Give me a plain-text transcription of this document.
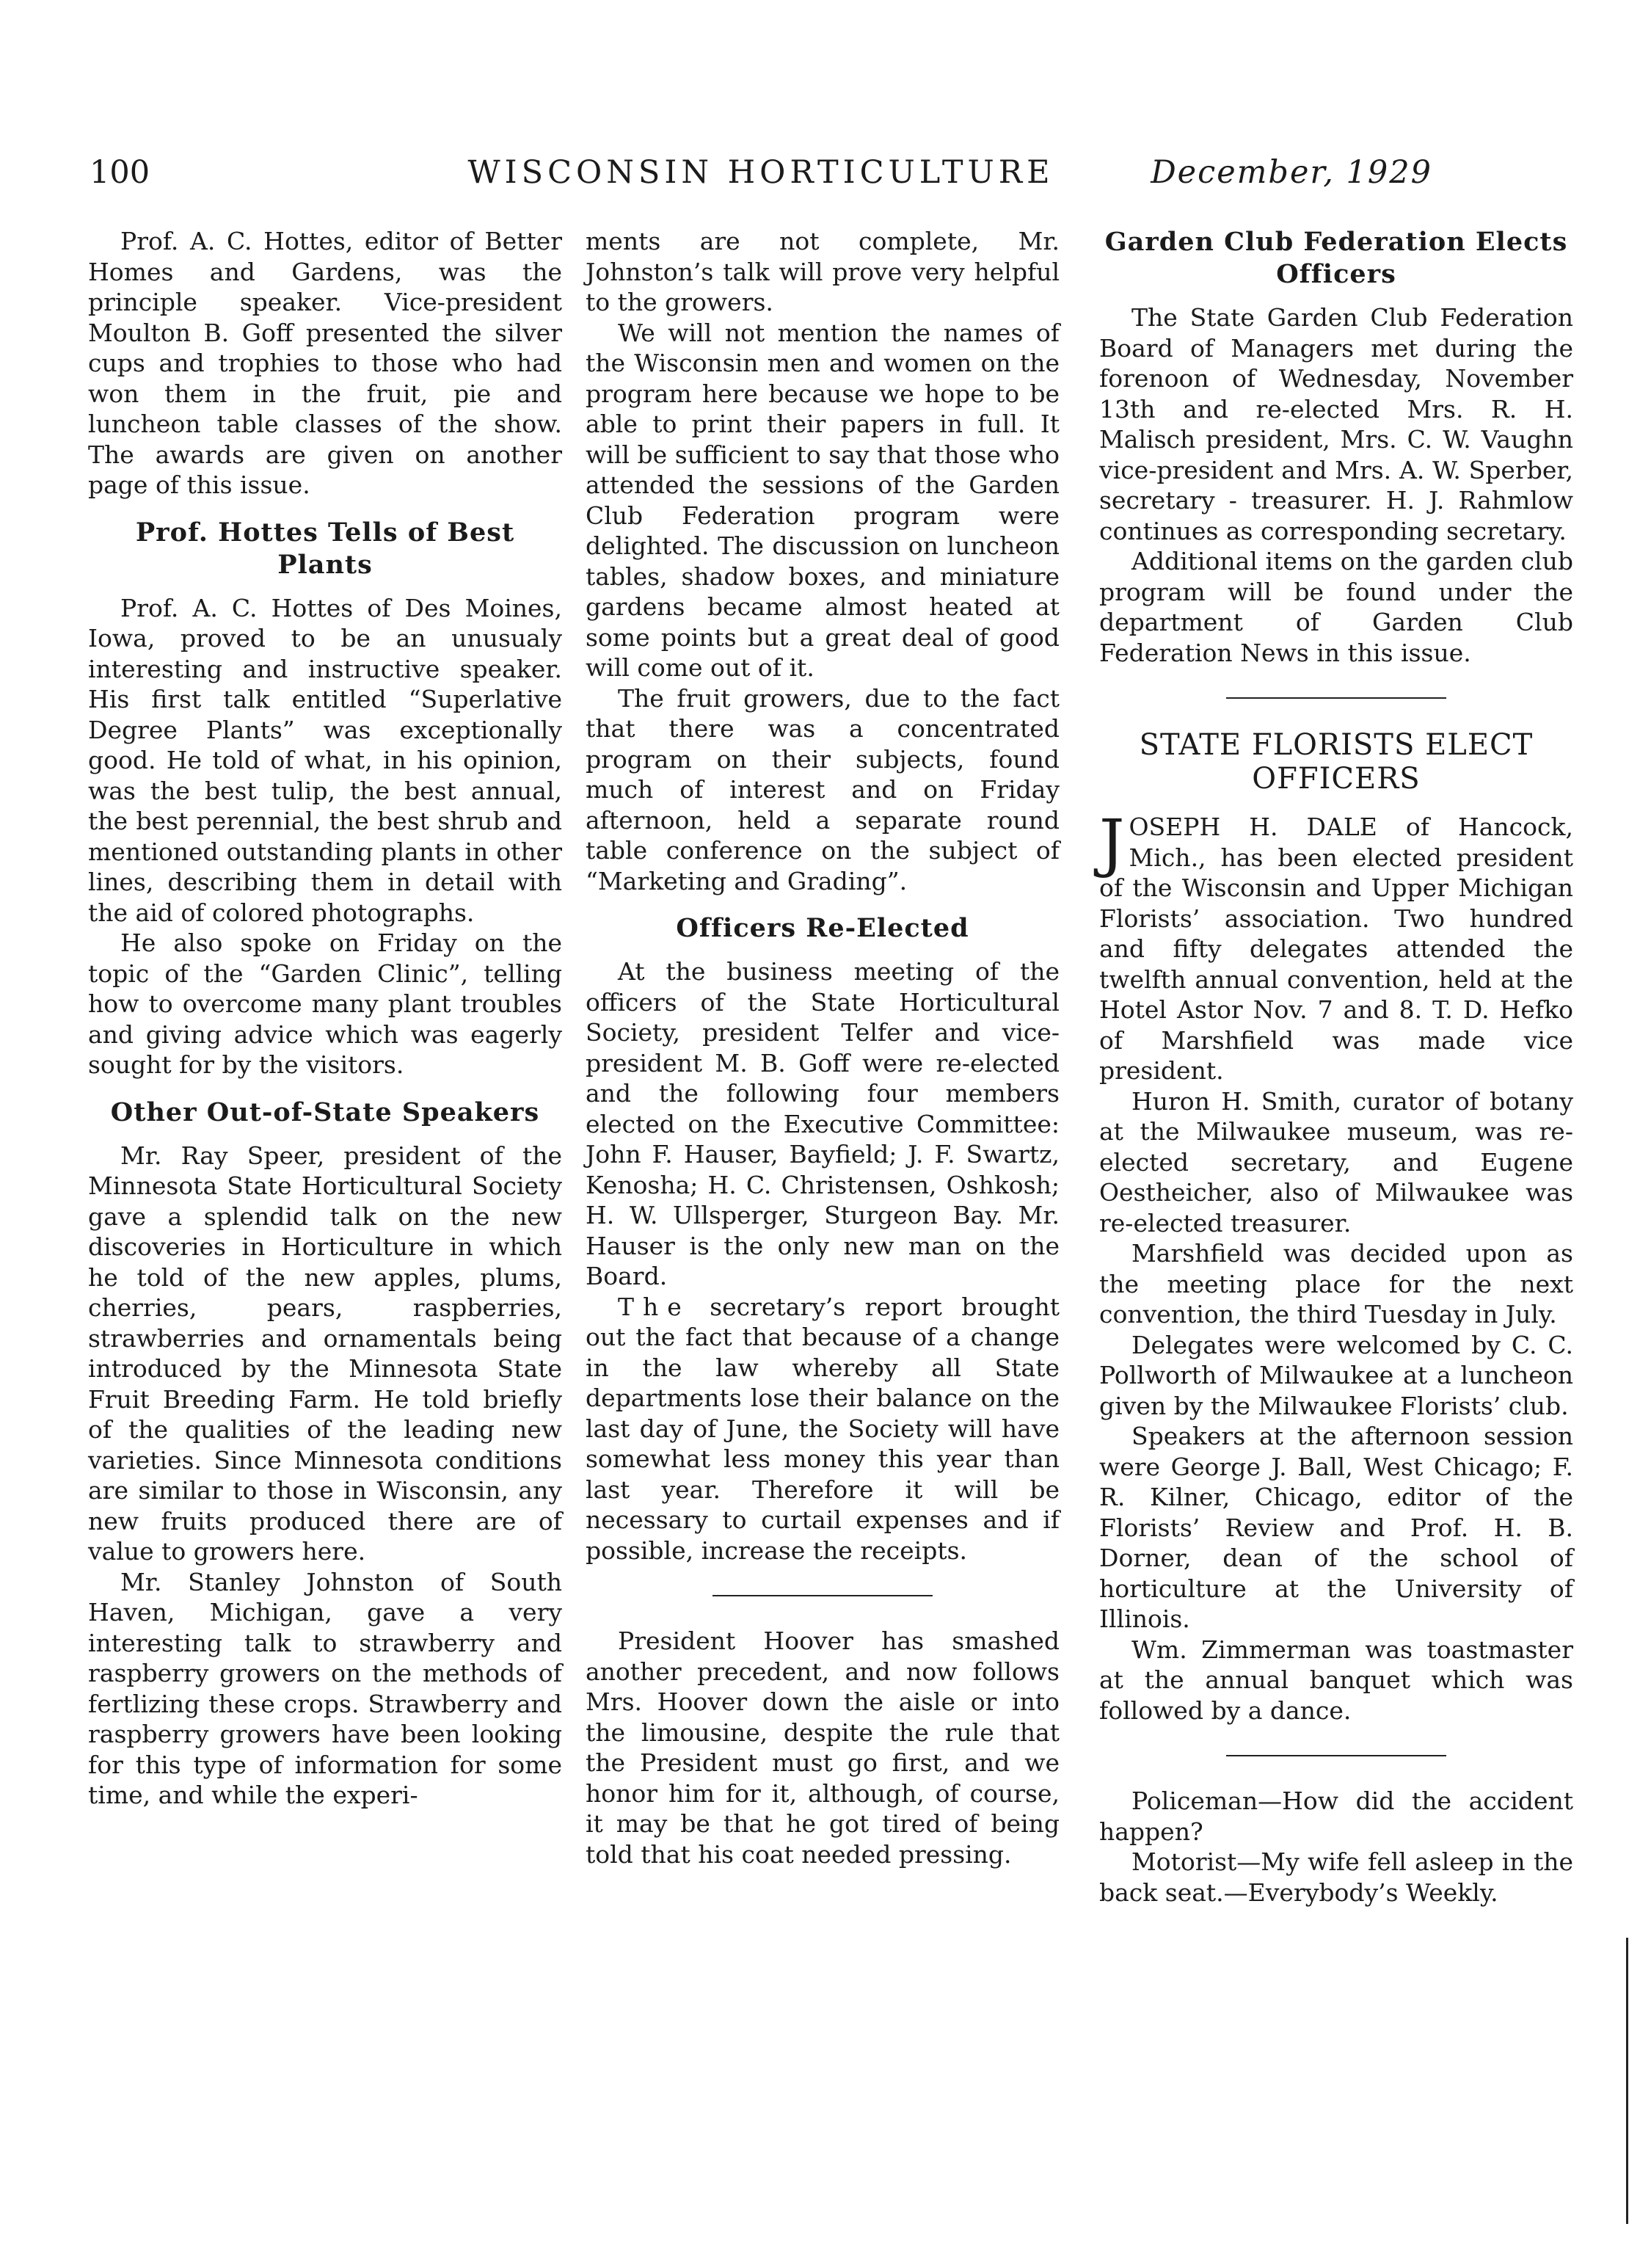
100	WISCONSIN HORTICULTURE	December, 1929

Prof. A. C. Hottes, editor of Better Homes and Gardens, was the principle speaker. Vice-president Moulton B. Goff presented the silver cups and trophies to those who had won them in the fruit, pie and luncheon table classes of the show. The awards are given on another page of this issue.

Prof. Hottes Tells of Best Plants

Prof. A. C. Hottes of Des Moines, Iowa, proved to be an unusualy interesting and instructive speaker. His first talk entitled “Superlative Degree Plants” was exceptionally good. He told of what, in his opinion, was the best tulip, the best annual, the best perennial, the best shrub and mentioned outstanding plants in other lines, describing them in detail with the aid of colored photographs.

He also spoke on Friday on the topic of the “Garden Clinic”, telling how to overcome many plant troubles and giving advice which was eagerly sought for by the visitors.

Other Out-of-State Speakers

Mr. Ray Speer, president of the Minnesota State Horticultural Society gave a splendid talk on the new discoveries in Horticulture in which he told of the new apples, plums, cherries, pears, raspberries, strawberries and ornamentals being introduced by the Minnesota State Fruit Breeding Farm. He told briefly of the qualities of the leading new varieties. Since Minnesota conditions are similar to those in Wisconsin, any new fruits produced there are of value to growers here.

Mr. Stanley Johnston of South Haven, Michigan, gave a very interesting talk to strawberry and raspberry growers on the methods of fertlizing these crops. Strawberry and raspberry growers have been looking for this type of information for some time, and while the experi-

ments are not complete, Mr. Johnston’s talk will prove very helpful to the growers.

We will not mention the names of the Wisconsin men and women on the program here because we hope to be able to print their papers in full. It will be sufficient to say that those who attended the sessions of the Garden Club Federation program were delighted. The discussion on luncheon tables, shadow boxes, and miniature gardens became almost heated at some points but a great deal of good will come out of it.

The fruit growers, due to the fact that there was a concentrated program on their subjects, found much of interest and on Friday afternoon, held a separate round table conference on the subject of “Marketing and Grading”.

Officers Re-Elected

At the business meeting of the officers of the State Horticultural Society, president Telfer and vice-president M. B. Goff were re-elected and the following four members elected on the Executive Committee: John F. Hauser, Bayfield; J. F. Swartz, Kenosha; H. C. Christensen, Oshkosh; H. W. Ullsperger, Sturgeon Bay. Mr. Hauser is the only new man on the Board.

The secretary’s report brought out the fact that because of a change in the law whereby all State departments lose their balance on the last day of June, the Society will have somewhat less money this year than last year. Therefore it will be necessary to curtail expenses and if possible, increase the receipts.

President Hoover has smashed another precedent, and now follows Mrs. Hoover down the aisle or into the limousine, despite the rule that the President must go first, and we honor him for it, although, of course, it may be that he got tired of being told that his coat needed pressing.

Garden Club Federation Elects Officers

The State Garden Club Federation Board of Managers met during the forenoon of Wednesday, November 13th and re-elected Mrs. R. H. Malisch president, Mrs. C. W. Vaughn vice-president and Mrs. A. W. Sperber, secretary - treasurer. H. J. Rahmlow continues as corresponding secretary.

Additional items on the garden club program will be found under the department of Garden Club Federation News in this issue.

STATE FLORISTS ELECT OFFICERS

JOSEPH H. DALE of Hancock, Mich., has been elected president of the Wisconsin and Upper Michigan Florists’ association. Two hundred and fifty delegates attended the twelfth annual convention, held at the Hotel Astor Nov. 7 and 8. T. D. Hefko of Marshfield was made vice president.

Huron H. Smith, curator of botany at the Milwaukee museum, was re-elected secretary, and Eugene Oestheicher, also of Milwaukee was re-elected treasurer.

Marshfield was decided upon as the meeting place for the next convention, the third Tuesday in July.

Delegates were welcomed by C. C. Pollworth of Milwaukee at a luncheon given by the Milwaukee Florists’ club.

Speakers at the afternoon session were George J. Ball, West Chicago; F. R. Kilner, Chicago, editor of the Florists’ Review and Prof. H. B. Dorner, dean of the school of horticulture at the University of Illinois.

Wm. Zimmerman was toastmaster at the annual banquet which was followed by a dance.

Policeman—How did the accident happen?

Motorist—My wife fell asleep in the back seat.—Everybody’s Weekly.
